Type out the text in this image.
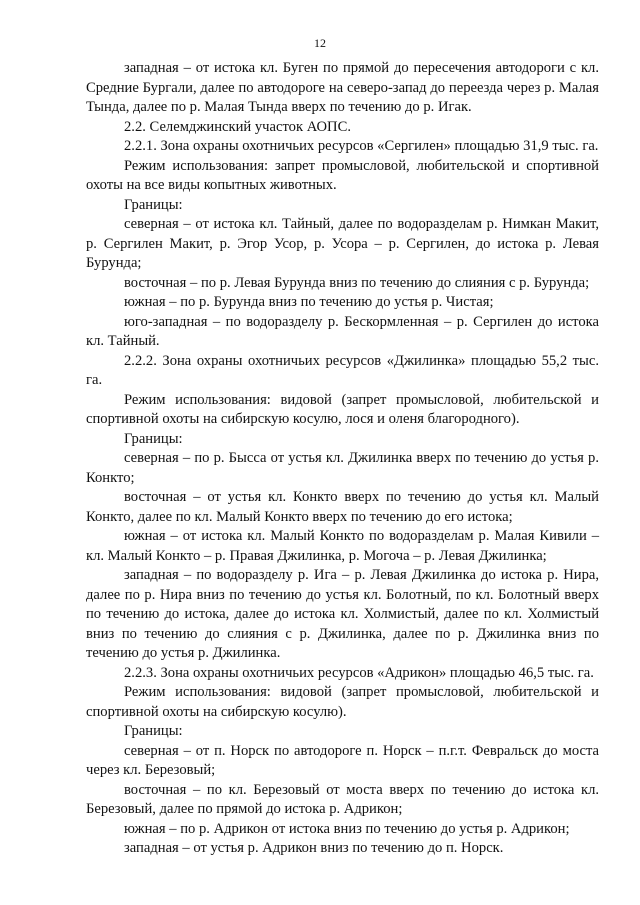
12

западная – от истока кл. Буген по прямой до пересечения автодороги с кл. Средние Бургали, далее по автодороге на северо-запад до переезда через р. Малая Тында, далее по р. Малая Тында вверх по течению до р. Игак.

2.2. Селемджинский участок АОПС.

2.2.1. Зона охраны охотничьих ресурсов «Сергилен» площадью 31,9 тыс. га.

Режим использования: запрет промысловой, любительской и спортивной охоты на все виды копытных животных.

Границы:

северная – от истока кл. Тайный, далее по водоразделам р. Нимкан Макит, р. Сергилен Макит, р. Эгор Усор, р. Усора – р. Сергилен, до истока р. Левая Бурунда;

восточная – по р. Левая Бурунда вниз по течению до слияния с р. Бурунда;

южная – по р. Бурунда вниз по течению до устья р. Чистая;

юго-западная – по водоразделу р. Бескормленная – р. Сергилен до истока кл. Тайный.

2.2.2. Зона охраны охотничьих ресурсов «Джилинка» площадью 55,2 тыс. га.

Режим использования: видовой (запрет промысловой, любительской и спортивной охоты на сибирскую косулю, лося и оленя благородного).

Границы:

северная – по р. Бысса от устья кл. Джилинка вверх по течению до устья р. Конкто;

восточная – от устья кл. Конкто вверх по течению до устья кл. Малый Конкто, далее по кл. Малый Конкто вверх по течению до его истока;

южная – от истока кл. Малый Конкто по водоразделам р. Малая Кивили – кл. Малый Конкто – р. Правая Джилинка, р. Могоча – р. Левая Джилинка;

западная – по водоразделу р. Ига – р. Левая Джилинка до истока р. Нира, далее по р. Нира вниз по течению до устья кл. Болотный, по кл. Болотный вверх по течению до истока, далее до истока кл. Холмистый, далее по кл. Холмистый вниз по течению до слияния с р. Джилинка, далее по р. Джилинка вниз по течению до устья р. Джилинка.

2.2.3. Зона охраны охотничьих ресурсов «Адрикон» площадью 46,5 тыс. га.

Режим использования: видовой (запрет промысловой, любительской и спортивной охоты на сибирскую косулю).

Границы:

северная – от п. Норск по автодороге п. Норск – п.г.т. Февральск до моста через кл. Березовый;

восточная – по кл. Березовый от моста вверх по течению до истока кл. Березовый, далее по прямой до истока р. Адрикон;

южная – по р. Адрикон от истока вниз по течению до устья р. Адрикон;

западная – от устья р. Адрикон вниз по течению до п. Норск.
